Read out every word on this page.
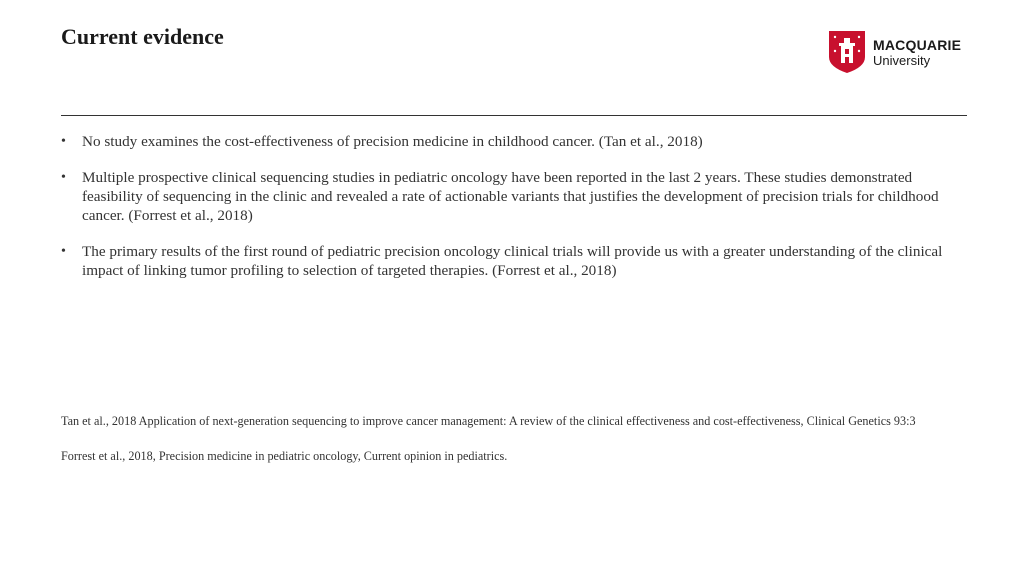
Current evidence	MACQUARIE
University
• No study examines the cost-effectiveness of precision medicine in childhood cancer. (Tan et al., 2018)
• Multiple prospective clinical sequencing studies in pediatric oncology have been reported in the last 2 years. These studies demonstrated feasibility of sequencing in the clinic and revealed a rate of actionable variants that justifies the development of precision trials for childhood cancer. (Forrest et al., 2018)
• The primary results of the first round of pediatric precision oncology clinical trials will provide us with a greater understanding of the clinical impact of linking tumor profiling to selection of targeted therapies. (Forrest et al., 2018)

Tan et al., 2018 Application of next-generation sequencing to improve cancer management: A review of the clinical effectiveness and cost-effectiveness, Clinical Genetics 93:3

Forrest et al., 2018, Precision medicine in pediatric oncology, Current opinion in pediatrics.
